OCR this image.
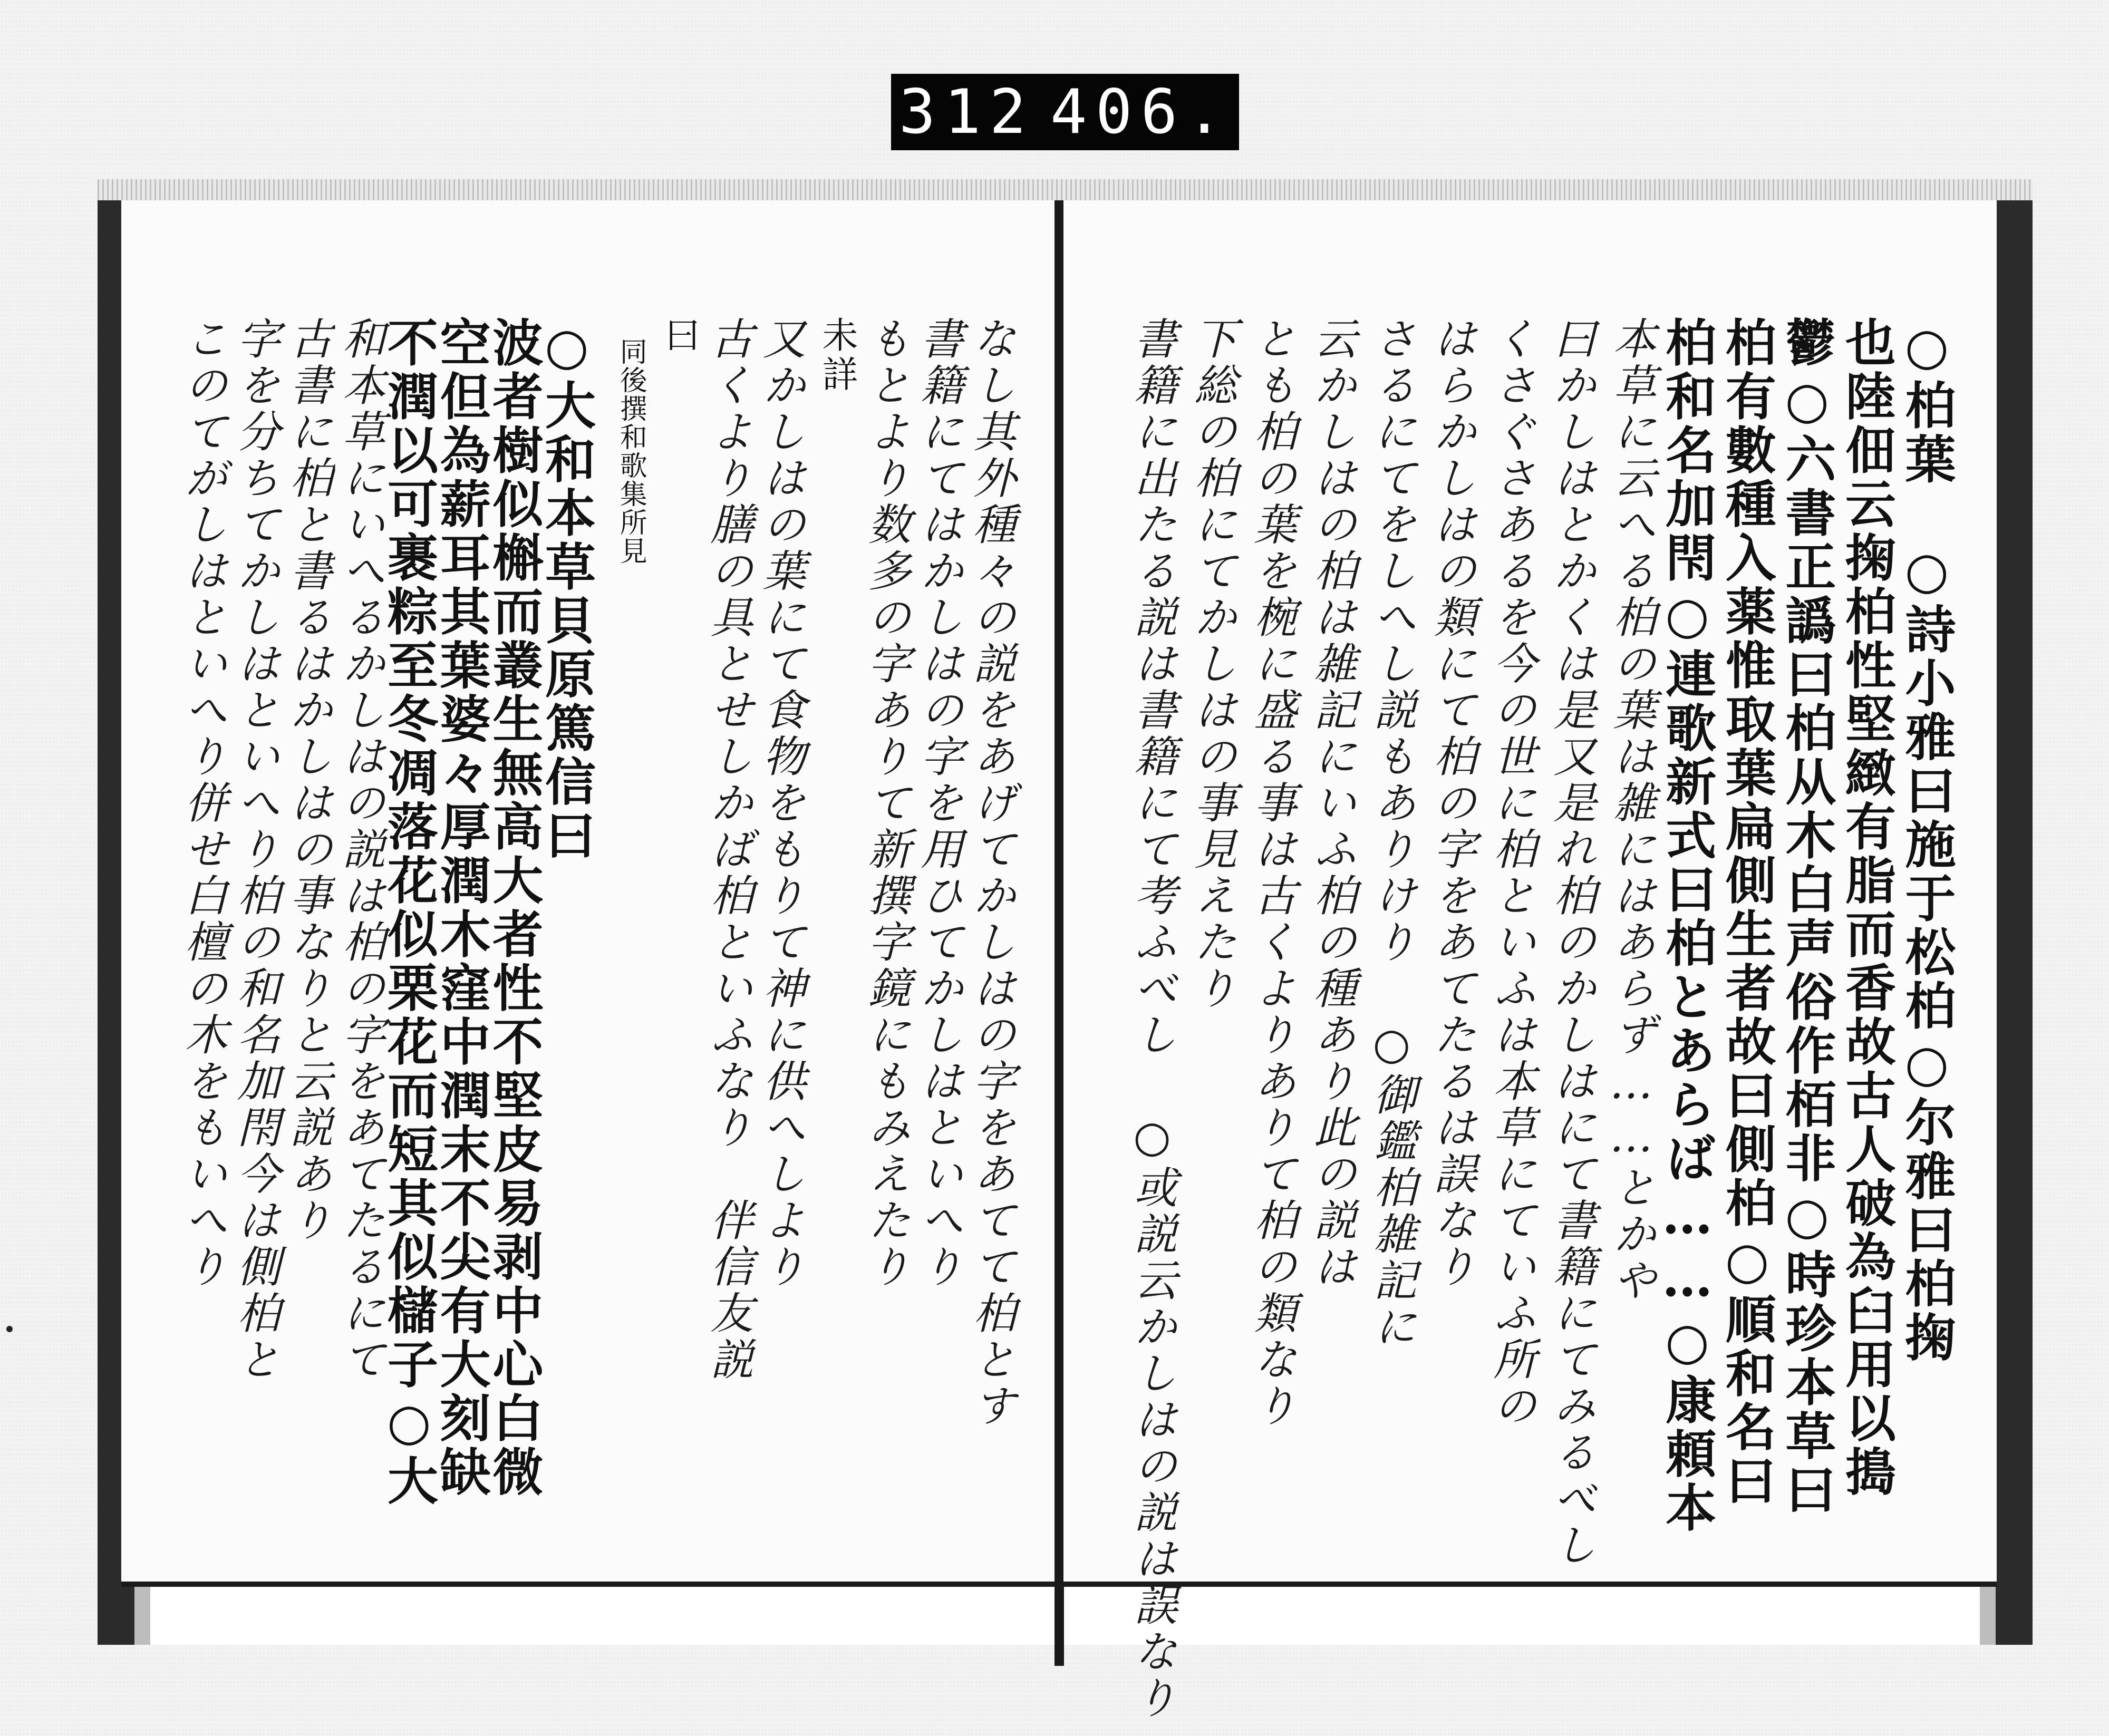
312 406.
なし其外種々の説をあげてかしはの字をあてて柏とす
書籍にてはかしはの字を用ひてかしはといへり
もとより数多の字ありて新撰字鏡にもみえたり
未詳
又かしはの葉にて食物をもりて神に供へしより
古くより膳の具とせしかば柏といふなり　伴信友説
曰
同後撰和歌集所見
○大和本草貝原篤信曰
波者樹似槲而叢生無高大者性不堅皮易剥中心白微
空但為薪耳其葉婆々厚潤木窪中潤末不尖有大刻缺
不潤以可裹粽至冬凋落花似栗花而短其似櫧子○大
和本草にいへるかしはの説は柏の字をあてたるにて
古書に柏と書るはかしはの事なりと云説あり
字を分ちてかしはといへり柏の和名加閇今は側柏と
このてがしはといへり併せ白檀の木をもいへり	○柏葉　○詩小雅曰施于松柏○尔雅曰柏掬
也陸佃云掬柏性堅緻有脂而香故古人破為臼用以搗
鬱○六書正譌曰柏从木白声俗作栢非○時珍本草曰
柏有數種入薬惟取葉扁側生者故曰側柏○順和名曰
柏和名加閇○連歌新式曰柏とあらば……○康頼本
本草に云へる柏の葉は雑にはあらず……とかや
曰かしはとかくは是又是れ柏のかしはにて書籍にてみるべし
くさぐさあるを今の世に柏といふは本草にていふ所の
はらかしはの類にて柏の字をあてたるは誤なり
さるにてをしへし説もありけり ○御鑑柏雑記に
云かしはの柏は雑記にいふ柏の種あり此の説は
とも柏の葉を椀に盛る事は古くよりありて柏の類なり
下総の柏にてかしはの事見えたり
書籍に出たる説は書籍にて考ふべし ○或説云かしはの説は誤なり
